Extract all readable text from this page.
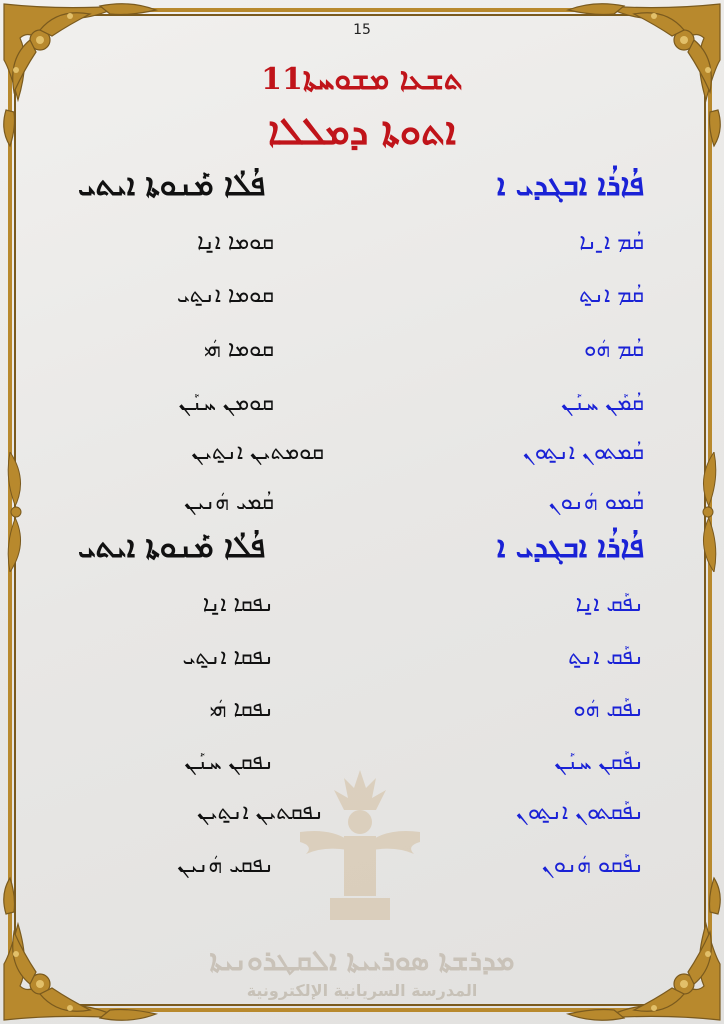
15
11ܬܫܥܐ ܡܫܘܚܬܐ
ܐܬܘܬܐ ܕܡܠܠܐ
ܦܳܐܪܳܐ ܐܒܓܕܝ ܐ
ܦܳܠܳܐ ܡܰܢܘܬܐ ܐܝܬܝ
ܩܳܡ ܐ̱ ܢܐ
ܩܘܡܐ ܐ̱ܢܐ
ܩܳܡ ܐܢ̱ܬ
ܩܘܡܐ ܐܢ̱ܬܝ
ܩܳܡ ܗܿܘ
ܩܘܡܐ ܗܿܝ
ܩܳܡܰܢ ܚܢܰܢ
ܩܘܡܢ ܚܢܰܢ
ܩܳܡܬܘܢ ܐܢ̱ܬܘܢ
ܩܘܡܬܝܢ ܐܢ̱ܬܝܢ
ܩܳܡܘ ܗܿܢܘܢ
ܩܳܡܝ ܗܿܢܝܢ
ܦܳܐܪܳܐ ܐܒܓܕܝ ܐ
ܦܳܠܳܐ ܡܰܢܘܬܐ ܐܝܬܝ
ܢܦܰܩ ܐ̱ܢܐ
ܢܦܩܐ ܐ̱ܢܐ
ܢܦܰܩ ܐܢ̱ܬ
ܢܦܩܐ ܐܢ̱ܬܝ
ܢܦܰܩ ܗܿܘ
ܢܦܩܐ ܗܿܝ
ܢܦܰܩܢ ܚܢܰܢ
ܢܦܩܢ ܚܢܰܢ
ܢܦܰܩܬܘܢ ܐܢ̱ܬܘܢ
ܢܦܩܬܝܢ ܐܢ̱ܬܝܢ
ܢܦܰܩܘ ܗܿܢܘܢ
ܢܦܩܝ ܗܿܢܝܢ
ܡܕܪܫܬܐ ܣܘܪܝܝܬܐ ܐܠܩܛܪܘܢܝܬܐ
المدرسة السريانية الإلكترونية
